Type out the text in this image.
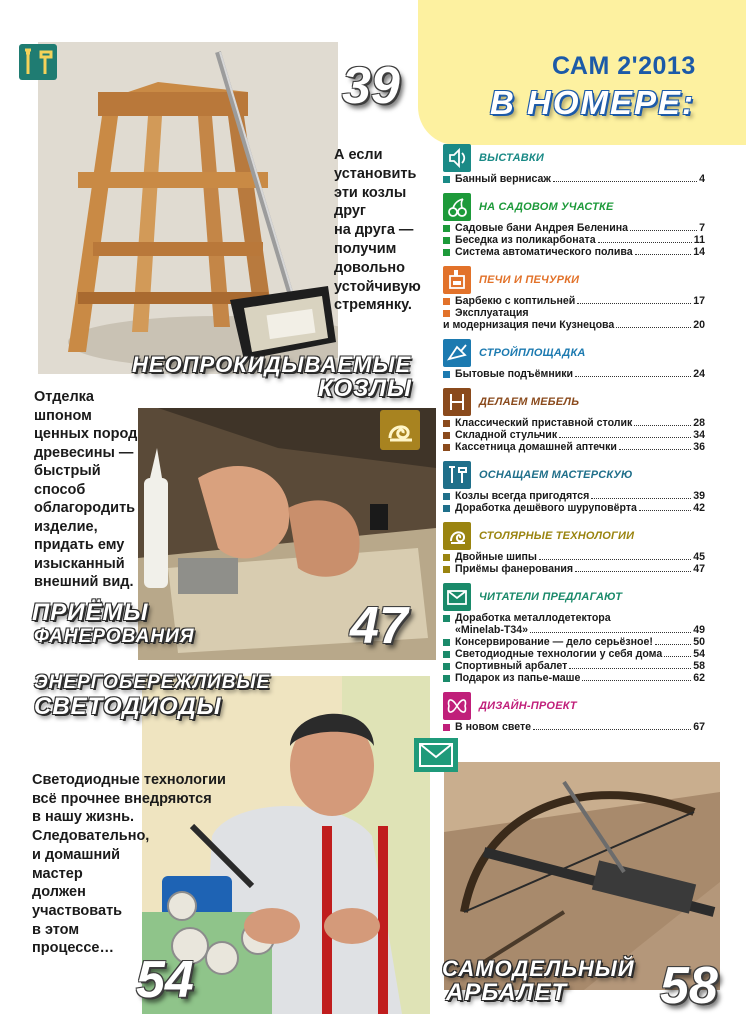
САМ 2'2013
В НОМЕРЕ:
39
А если
установить
эти козлы
друг
на друга —
получим
довольно
устойчивую
стремянку.
НЕОПРОКИДЫВАЕМЫЕ
КОЗЛЫ
47
Отделка
шпоном
ценных пород
древесины —
быстрый
способ
облагородить
изделие,
придать ему
изысканный
внешний вид.
ПРИЁМЫ
ФАНЕРОВАНИЯ
54
ЭНЕРГОБЕРЕЖЛИВЫЕ
СВЕТОДИОДЫ
Светодиодные технологии
всё прочнее внедряются
в нашу жизнь.
Следовательно,
и домашний
мастер
должен
участвовать
в этом
процессе…
САМОДЕЛЬНЫЙ
АРБАЛЕТ 58
ВЫСТАВКИ
Банный вернисаж	4
НА САДОВОМ УЧАСТКЕ
Садовые бани Андрея Беленина	7
Беседка из поликарбоната	11
Система автоматического полива	14
ПЕЧИ И ПЕЧУРКИ
Барбекю с коптильней	17
Эксплуатация
и модернизация печи Кузнецова	20
СТРОЙПЛОЩАДКА
Бытовые подъёмники	24
ДЕЛАЕМ МЕБЕЛЬ
Классический приставной столик	28
Складной стульчик	34
Кассетница домашней аптечки	36
ОСНАЩАЕМ МАСТЕРСКУЮ
Козлы всегда пригодятся	39
Доработка дешёвого шуруповёрта	42
СТОЛЯРНЫЕ ТЕХНОЛОГИИ
Двойные шипы	45
Приёмы фанерования	47
ЧИТАТЕЛИ ПРЕДЛАГАЮТ
Доработка металлодетектора
«Minelab-T34»	49
Консервирование — дело серьёзное!	50
Светодиодные технологии у себя дома	54
Спортивный арбалет	58
Подарок из папье-маше	62
ДИЗАЙН-ПРОЕКТ
В новом свете	67
